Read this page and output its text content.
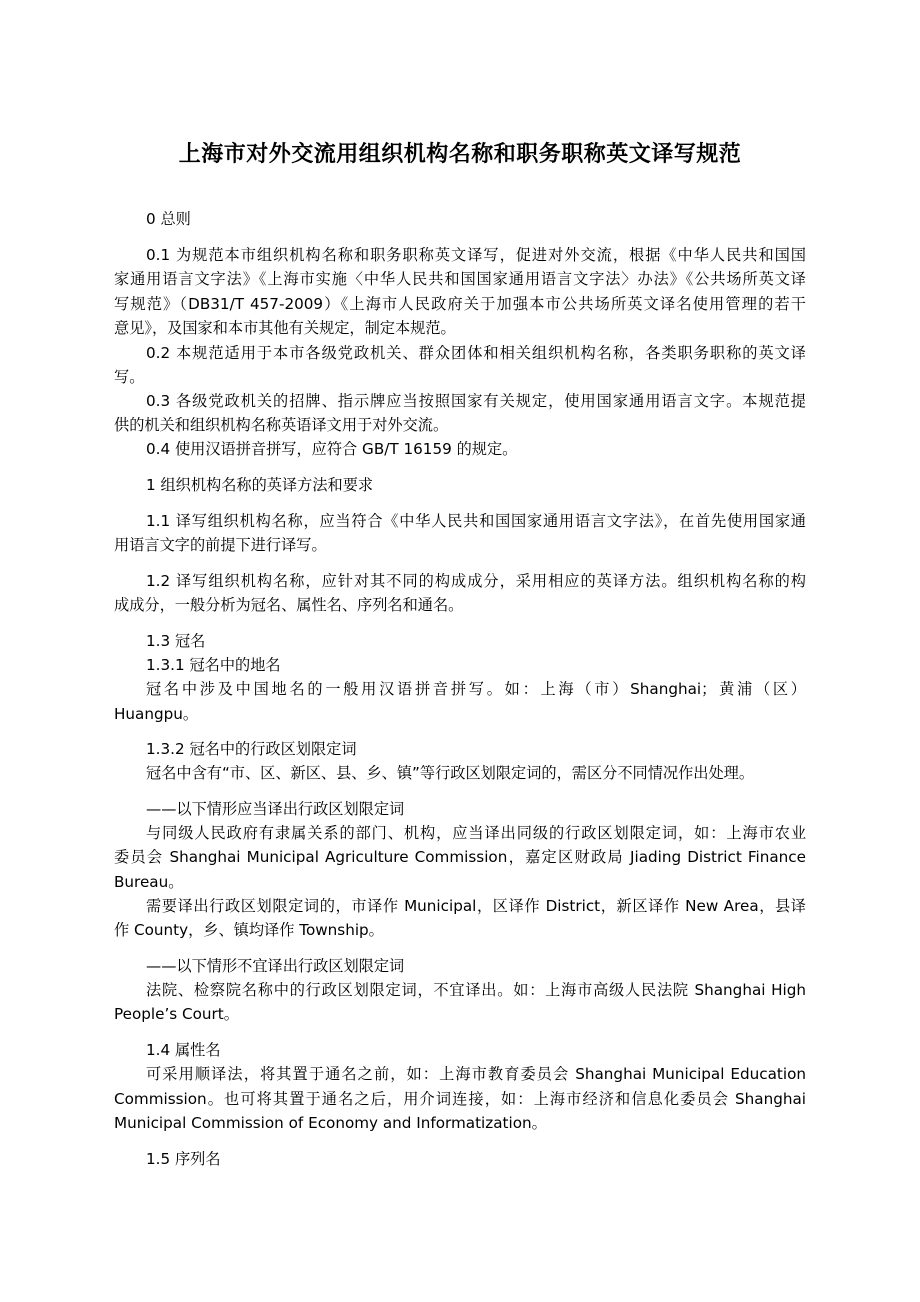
上海市对外交流用组织机构名称和职务职称英文译写规范
0 总则
0.1 为规范本市组织机构名称和职务职称英文译写，促进对外交流，根据《中华人民共和国国
家通用语言文字法》《上海市实施〈中华人民共和国国家通用语言文字法〉办法》《公共场所英文译
写规范》（DB31/T 457-2009）《上海市人民政府关于加强本市公共场所英文译名使用管理的若干
意见》，及国家和本市其他有关规定，制定本规范。
0.2 本规范适用于本市各级党政机关、群众团体和相关组织机构名称，各类职务职称的英文译
写。
0.3 各级党政机关的招牌、指示牌应当按照国家有关规定，使用国家通用语言文字。本规范提
供的机关和组织机构名称英语译文用于对外交流。
0.4 使用汉语拼音拼写，应符合 GB/T 16159 的规定。
1 组织机构名称的英译方法和要求
1.1 译写组织机构名称，应当符合《中华人民共和国国家通用语言文字法》，在首先使用国家通
用语言文字的前提下进行译写。
1.2 译写组织机构名称，应针对其不同的构成成分，采用相应的英译方法。组织机构名称的构
成成分，一般分析为冠名、属性名、序列名和通名。
1.3 冠名
1.3.1 冠名中的地名
冠名中涉及中国地名的一般用汉语拼音拼写。如：上海（市）Shanghai；黄浦（区）
Huangpu。
1.3.2 冠名中的行政区划限定词
冠名中含有“市、区、新区、县、乡、镇”等行政区划限定词的，需区分不同情况作出处理。
——以下情形应当译出行政区划限定词
与同级人民政府有隶属关系的部门、机构，应当译出同级的行政区划限定词，如：上海市农业
委员会 Shanghai Municipal Agriculture Commission，嘉定区财政局 Jiading District Finance
Bureau。
需要译出行政区划限定词的，市译作 Municipal，区译作 District，新区译作 New Area，县译
作 County，乡、镇均译作 Township。
——以下情形不宜译出行政区划限定词
法院、检察院名称中的行政区划限定词，不宜译出。如：上海市高级人民法院 Shanghai High
People’s Court。
1.4 属性名
可采用顺译法，将其置于通名之前，如：上海市教育委员会 Shanghai Municipal Education
Commission。也可将其置于通名之后，用介词连接，如：上海市经济和信息化委员会 Shanghai
Municipal Commission of Economy and Informatization。
1.5 序列名
